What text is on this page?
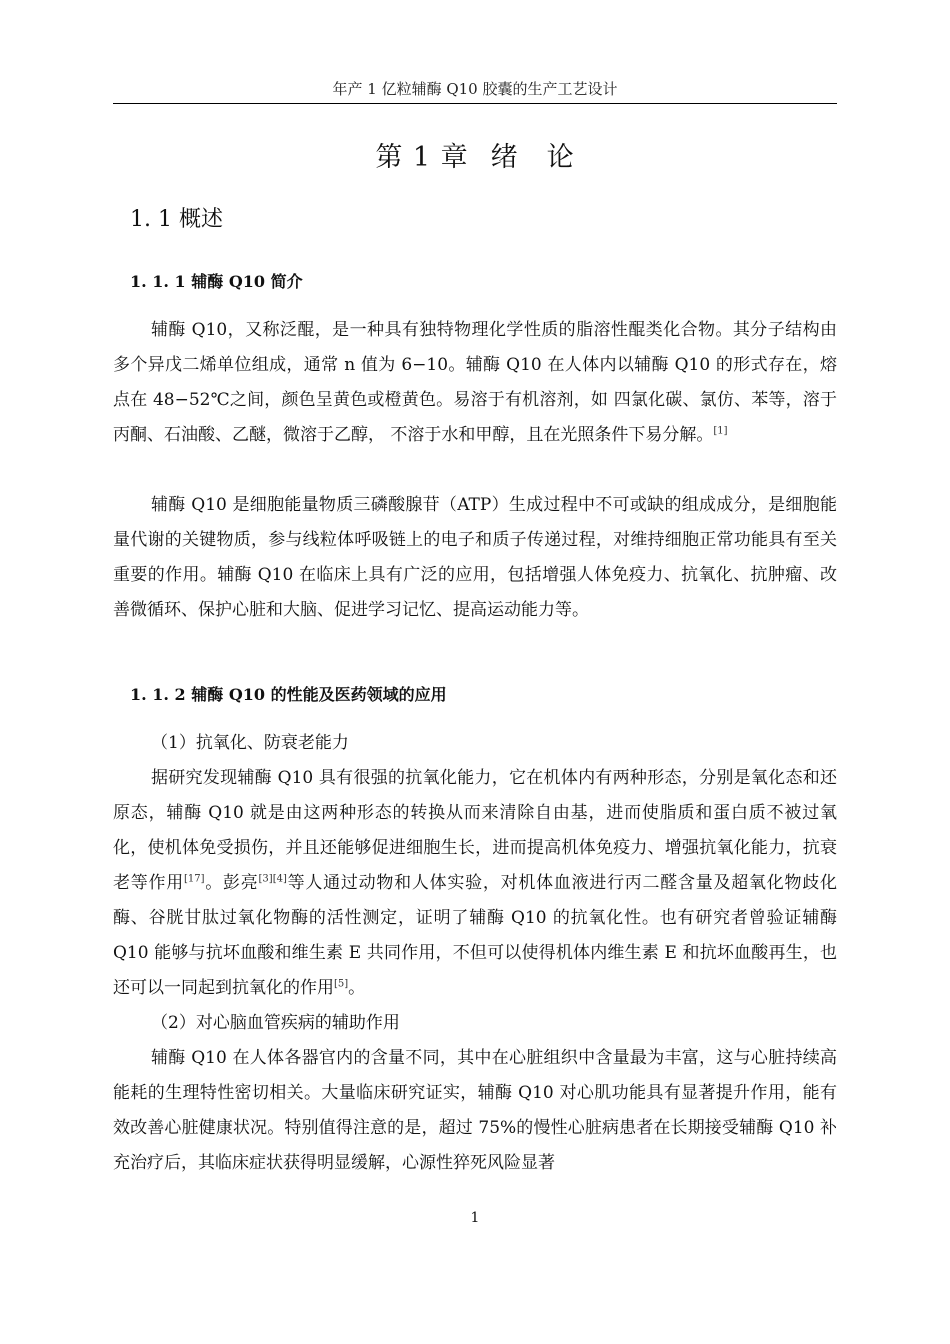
年产 1 亿粒辅酶 Q10 胶囊的生产工艺设计
第 1 章 绪　论
1. 1 概述
1. 1. 1 辅酶 Q10 简介

辅酶 Q10，又称泛醌，是一种具有独特物理化学性质的脂溶性醌类化合物。其分子结构由多个异戊二烯单位组成，通常 n 值为 6−10。辅酶 Q10 在人体内以辅酶 Q10 的形式存在，熔点在 48−52℃之间，颜色呈黄色或橙黄色。易溶于有机溶剂，如 四氯化碳、氯仿、苯等，溶于丙酮、石油酸、乙醚，微溶于乙醇， 不溶于水和甲醇，且在光照条件下易分解。[1]

辅酶 Q10 是细胞能量物质三磷酸腺苷（ATP）生成过程中不可或缺的组成成分，是细胞能量代谢的关键物质，参与线粒体呼吸链上的电子和质子传递过程，对维持细胞正常功能具有至关重要的作用。辅酶 Q10 在临床上具有广泛的应用，包括增强人体免疫力、抗氧化、抗肿瘤、改善微循环、保护心脏和大脑、促进学习记忆、提高运动能力等。

1. 1. 2 辅酶 Q10 的性能及医药领域的应用
（1）抗氧化、防衰老能力

据研究发现辅酶 Q10 具有很强的抗氧化能力，它在机体内有两种形态，分别是氧化态和还原态，辅酶 Q10 就是由这两种形态的转换从而来清除自由基，进而使脂质和蛋白质不被过氧化，使机体免受损伤，并且还能够促进细胞生长，进而提高机体免疫力、增强抗氧化能力，抗衰老等作用[17]。彭亮[3][4]等人通过动物和人体实验，对机体血液进行丙二醛含量及超氧化物歧化酶、谷胱甘肽过氧化物酶的活性测定，证明了辅酶 Q10 的抗氧化性。也有研究者曾验证辅酶 Q10 能够与抗坏血酸和维生素 E 共同作用，不但可以使得机体内维生素 E 和抗坏血酸再生，也还可以一同起到抗氧化的作用[5]。

（2）对心脑血管疾病的辅助作用

辅酶 Q10 在人体各器官内的含量不同，其中在心脏组织中含量最为丰富，这与心脏持续高能耗的生理特性密切相关。大量临床研究证实，辅酶 Q10 对心肌功能具有显著提升作用，能有效改善心脏健康状况。特别值得注意的是，超过 75%的慢性心脏病患者在长期接受辅酶 Q10 补充治疗后，其临床症状获得明显缓解，心源性猝死风险显著

1
